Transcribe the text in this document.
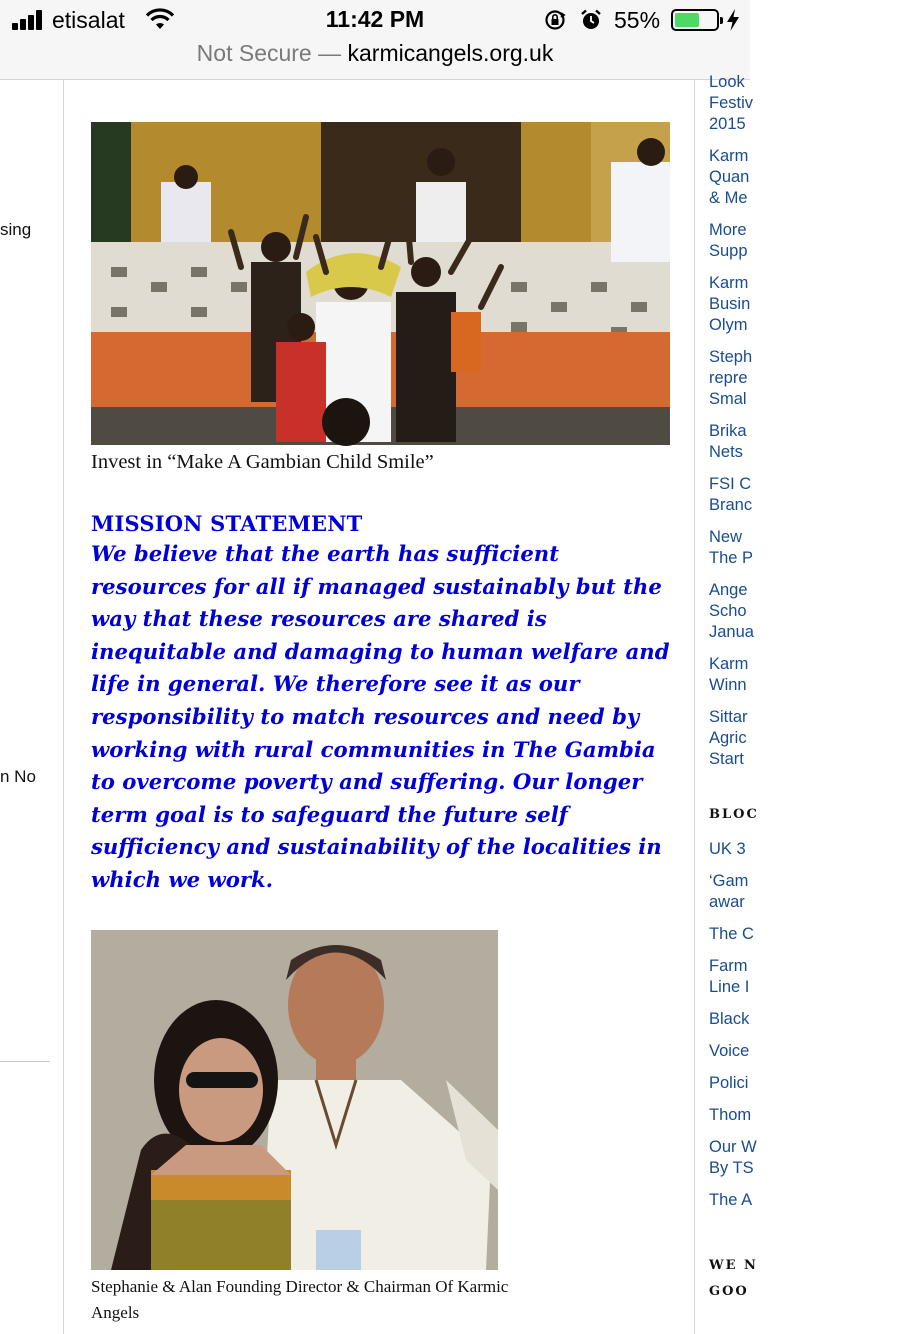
etisalat	11:42 PM	55%
Not Secure — karmicangels.org.uk
sing
n No
Invest in “Make A Gambian Child Smile”
MISSION STATEMENT
We believe that the earth has sufficient resources for all if managed sustainably but the way that these resources are shared is inequitable and damaging to human welfare and life in general. We therefore see it as our responsibility to match resources and need by working with rural communities in The Gambia to overcome poverty and suffering. Our longer term goal is to safeguard the future self sufficiency and sustainability of the localities in which we work.
Stephanie & Alan Founding Director & Chairman Of Karmic Angels
Look
Festiv
2015
Karm
Quan
& Me
More
Supp
Karm
Busin
Olym
Steph
repre
Smal
Brika
Nets
FSI C
Branc
New
The P
Ange
Scho
Janua
Karm
Winn
Sittar
Agric
Start
BLOC
UK 3
‘Gam
awar
The C
Farm
Line I
Black
Voice
Polici
Thom
Our W
By TS
The A
WE N
GOO
